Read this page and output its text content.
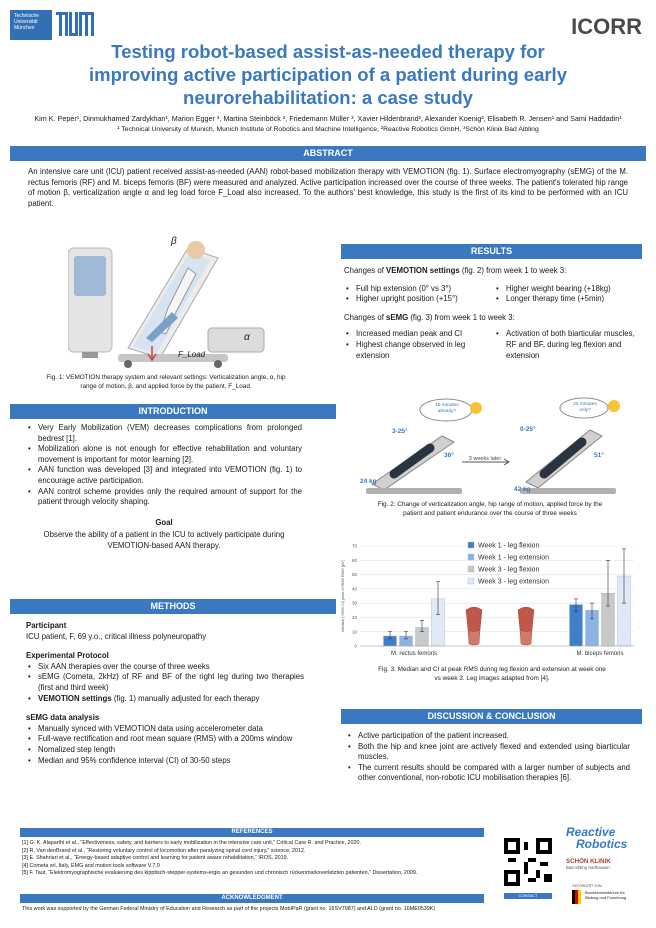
Technische
Universität
München	ICORR
Testing robot-based assist-as-needed therapy for
improving active participation of a patient during early
neurorehabilitation: a case study
Kim K. Peper¹, Dinmukhamed Zardykhan¹, Marion Egger ³, Martina Steinböck ³, Friedemann Müller ³, Xavier Hildenbrand², Alexander Koenig², Elisabeth R. Jensen¹ and Sami Haddadin¹
¹ Technical University of Munich, Munich Institute of Robotics and Machine Intelligence, ²Reactive Robotics GmbH, ³Schön Klinik Bad Aibling
ABSTRACT
An intensive care unit (ICU) patient received assist-as-needed (AAN) robot-based mobilization therapy with VEMOTION (fig. 1). Surface electromyography (sEMG) of the M. rectus femoris (RF) and M. biceps femoris (BF) were measured and analyzed. Active participation increased over the course of three weeks. The patient's tolerated hip range of motion β, verticalization angle α and leg load force F_Load also increased. To the authors' best knowledge, this study is the first of its kind to be performed with an ICU patient.
β
α
F_Load
Fig. 1: VEMOTION therapy system and relevant settings: Verticalization angle, α, hip range of motion, β, and applied force by the patient, F_Load.
RESULTS
Changes of VEMOTION settings (fig. 2) from week 1 to week 3:
• Full hip extension (0° vs 3°)
• Higher upright position (+15°)
• Higher weight bearing (+18kg)
• Longer therapy time (+5min)
Changes of sEMG (fig. 3) from week 1 to week 3:
• Increased median peak and CI
• Highest change observed in leg extension
• Activation of both biarticular muscles, RF and BF, during leg flexion and extension
INTRODUCTION
• Very Early Mobilization (VEM) decreases complications from prolonged bedrest [1].
• Mobilization alone is not enough for effective rehabilitation and voluntary movement is important for motor learning [2].
• AAN function was developed [3] and integrated into VEMOTION (fig. 1) to encourage active participation.
• AAN control scheme provides only the required amount of support for the patient through velocity shaping.
Goal
Observe the ability of a patient in the ICU to actively participate during VEMOTION-based AAN therapy.
15 minutes already?
20 minutes only?
3-25°
36°
24 kg
3 weeks later
0-25°
51°
42 kg
Fig. 2: Change of verticalization angle, hip range of motion, applied force by the patient and patient endurance over the course of three weeks
0
10
20
30
40
50
60
70
Median (+95% CI) peak of RMS EMG [μV]
M. rectus femoris	M. biceps femoris
Week 1 - leg flexion
Week 1 - leg extension
Week 3 - leg flexion
Week 3 - leg extension
Fig. 3: Median and CI at peak RMS during leg flexion and extension at week one vs week 3. Leg images adapted from [4].
METHODS
Participant
ICU patient, F, 69 y.o., critical illness polyneuropathy
Experimental Protocol
• Six AAN therapies over the course of three weeks
• sEMG (Cometa, 2kHz) of RF and BF of the right leg during two therapies (first and third week)
• VEMOTION settings (fig. 1) manually adjusted for each therapy
sEMG data analysis
• Manually synced with VEMOTION data using accelerometer data
• Full-wave rectification and root mean square (RMS) with a 200ms window
• Nomalized step length
• Median and 95% confidence interval (CI) of 30-50 steps
DISCUSSION & CONCLUSION
• Active participation of the patient increased.
• Both the hip and knee joint are actively flexed and extended using biarticular muscles.
• The current results should be compared with a larger number of subjects and other conventional, non-robotic ICU mobilisation therapies [6].
REFERENCES
[1] G. K. Alaparthi et al., “Effectiveness, safety, and barriers to early mobilization in the intensive care unit,” Critical Care R. and Practice, 2020.
[2] R. Van denBrand et al., “Restoring voluntary control of locomotion after paralyzing spinal cord injury,” science, 2012.
[3] E. Shahriari et al., “Energy-based adaptive control and learning for patient aware rehabilitation,” IROS, 2019.
[4] Cometa srl, Italy, EMG and motion tools software V.7.0
[5] F. Taut, “Elektromyographische evaluierung des kipptisch-stepper-systems-ergio an gesunden und chronisch rückenmarksverletzten patienten,” Dissertation, 2009.
ACKNOWLEDGMENT
This work was supported by the German Federal Ministry of Education and Research as part of the projects MobIPaR (grant no. 16SV7987) and AI.D (grant no. 16ME0539K)
CONTACT
Reactive
Robotics
SCHÖN KLINIK
Bad Aibling Harthausen
GEFÖRDERT VOM
Bundesministerium für Bildung und Forschung
